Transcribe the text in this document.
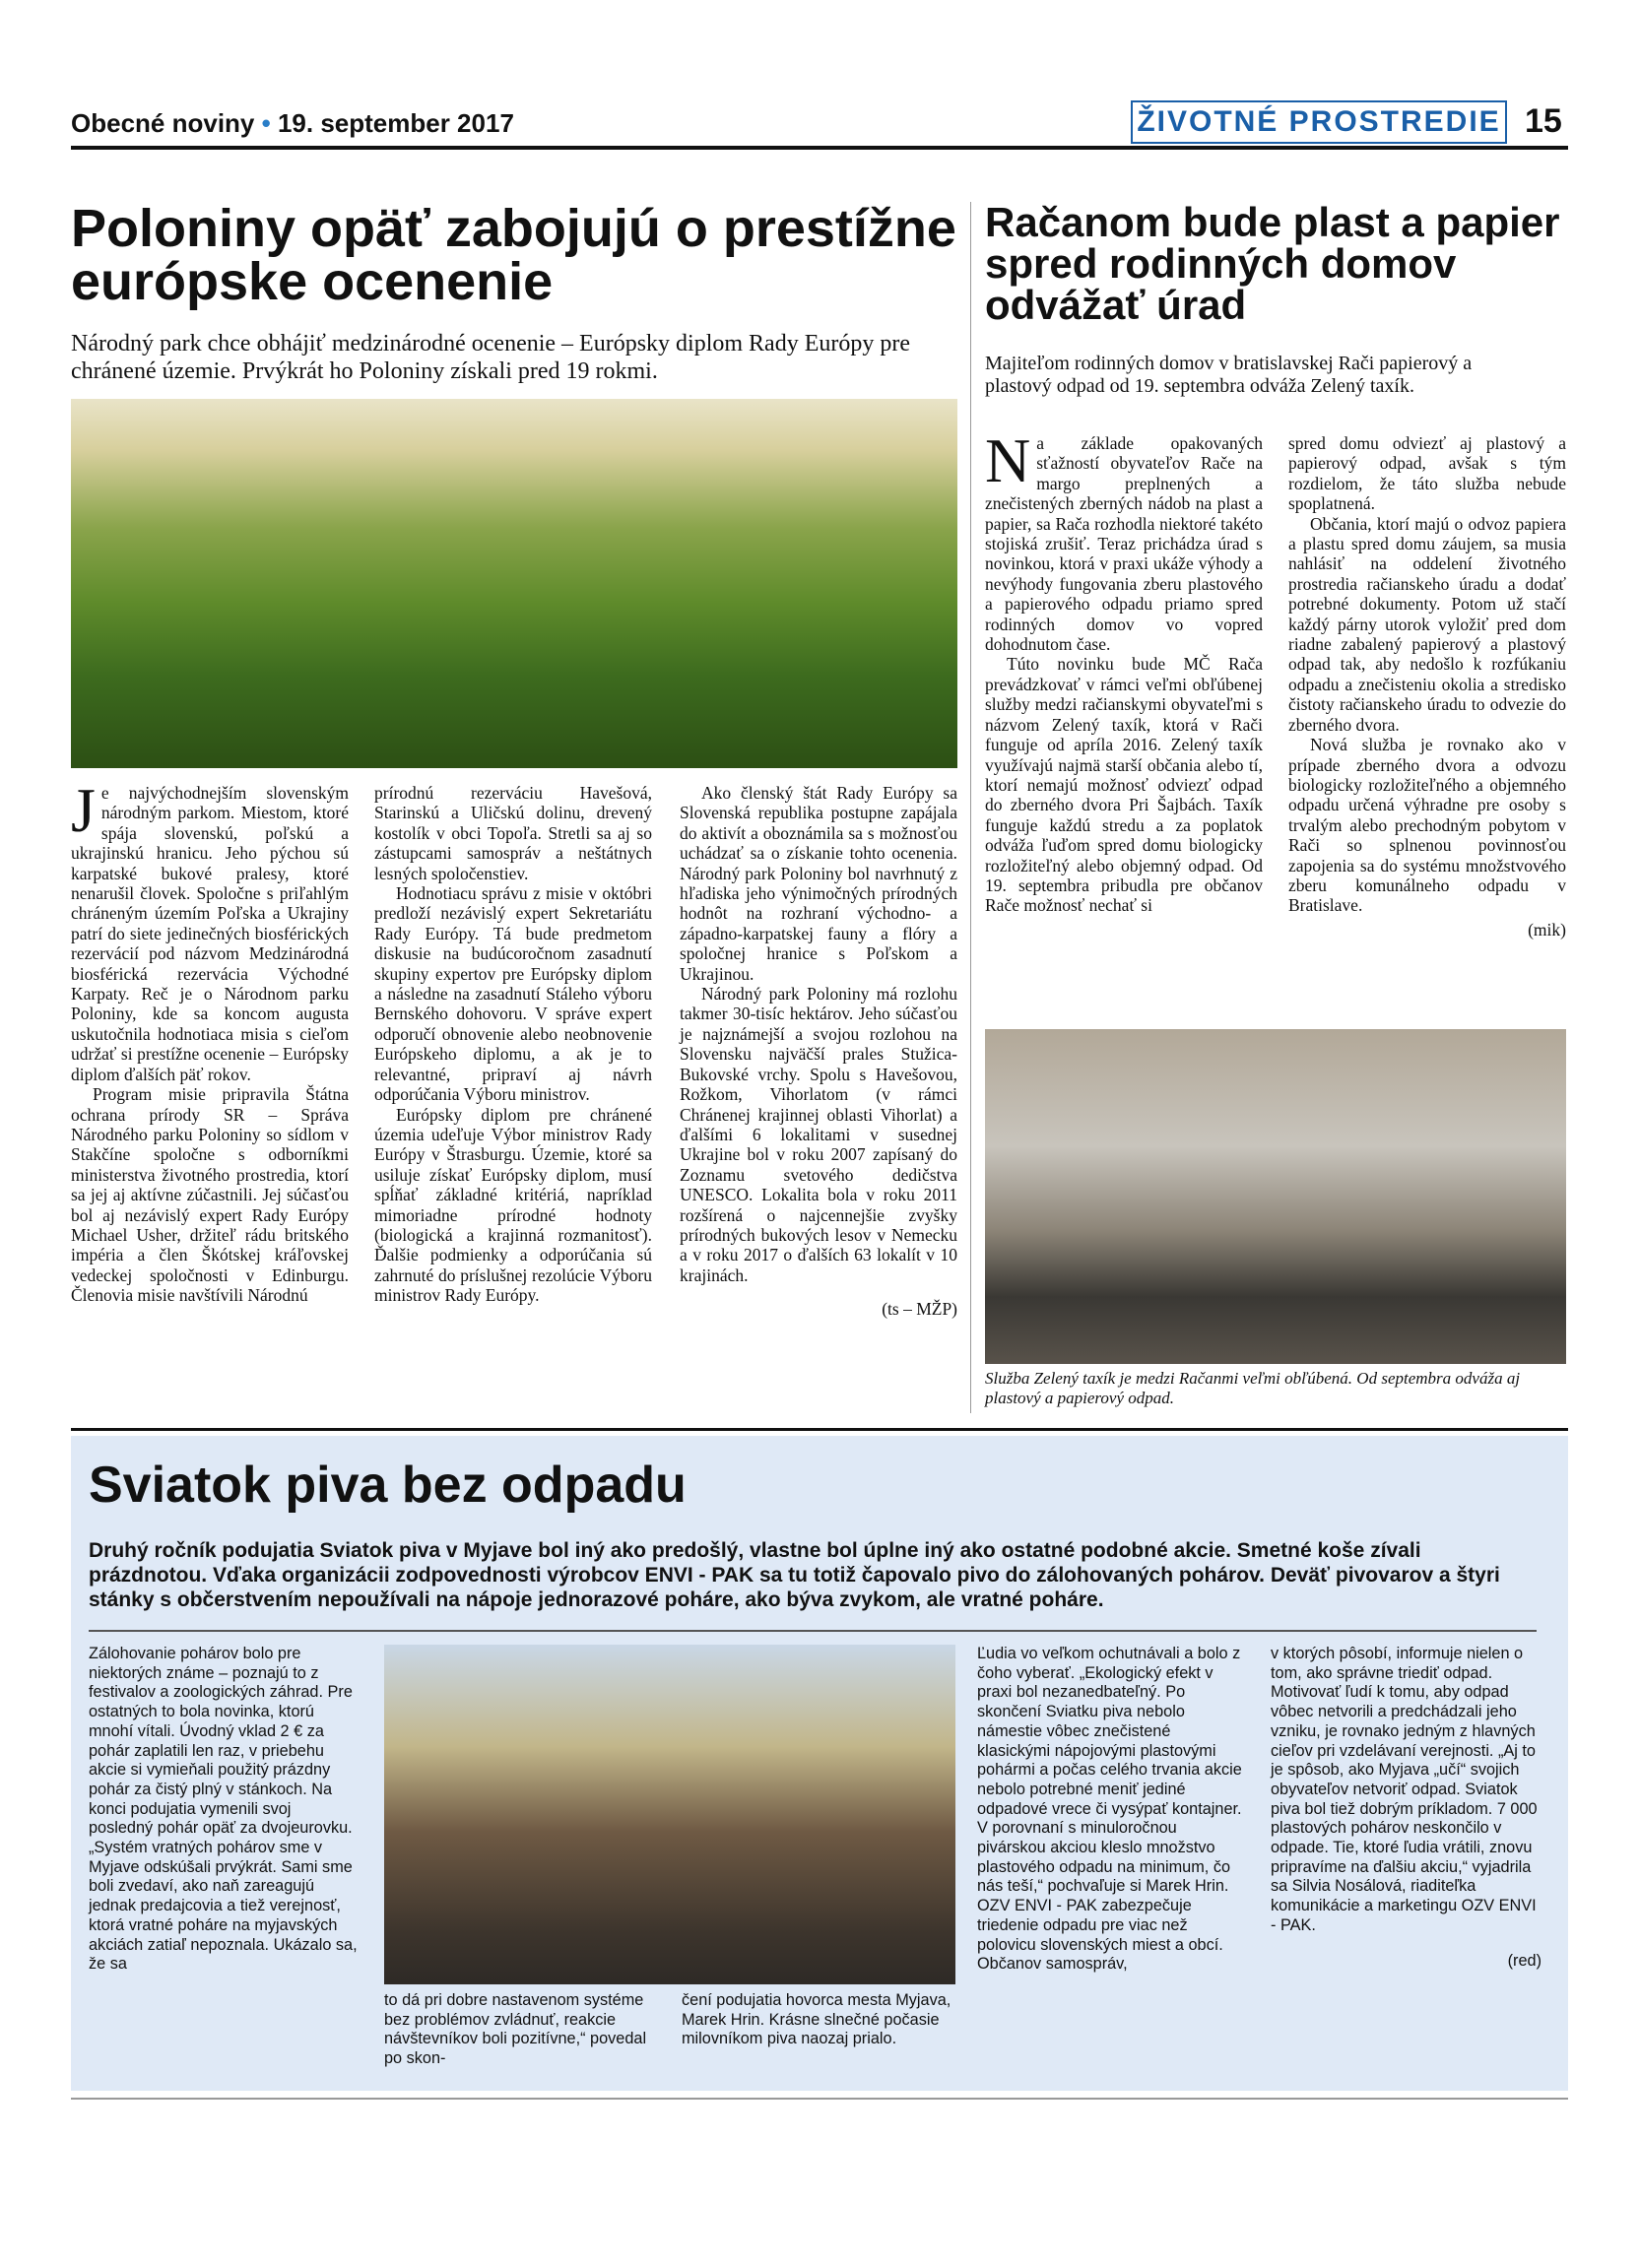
Obecné noviny • 19. september 2017	ŽIVOTNÉ PROSTREDIE 15
Poloniny opäť zabojujú o prestížne európske ocenenie
Národný park chce obhájiť medzinárodné ocenenie – Európsky diplom Rady Európy pre chránené územie. Prvýkrát ho Poloniny získali pred 19 rokmi.

Je najvýchodnejším slovenským národným parkom. Miestom, ktoré spája slovenskú, poľskú a ukrajinskú hranicu. Jeho pýchou sú karpatské bukové pralesy, ktoré nenarušil človek. Spoločne s priľahlým chráneným územím Poľska a Ukrajiny patrí do siete jedinečných biosférických rezervácií pod názvom Medzinárodná biosférická rezervácia Východné Karpaty. Reč je o Národnom parku Poloniny, kde sa koncom augusta uskutočnila hodnotiaca misia s cieľom udržať si prestížne ocenenie – Európsky diplom ďalších päť rokov.

Program misie pripravila Štátna ochrana prírody SR – Správa Národného parku Poloniny so sídlom v Stakčíne spoločne s odborníkmi ministerstva životného prostredia, ktorí sa jej aj aktívne zúčastnili. Jej súčasťou bol aj nezávislý expert Rady Európy Michael Usher, držiteľ rádu britského impéria a člen Škótskej kráľovskej vedeckej spoločnosti v Edinburgu. Členovia misie navštívili Národnú

prírodnú rezerváciu Havešová, Starinskú a Uličskú dolinu, drevený kostolík v obci Topoľa. Stretli sa aj so zástupcami samospráv a neštátnych lesných spoločenstiev.

Hodnotiacu správu z misie v októbri predloží nezávislý expert Sekretariátu Rady Európy. Tá bude predmetom diskusie na budúcoročnom zasadnutí skupiny expertov pre Európsky diplom a následne na zasadnutí Stáleho výboru Bernského dohovoru. V správe expert odporučí obnovenie alebo neobnovenie Európskeho diplomu, a ak je to relevantné, pripraví aj návrh odporúčania Výboru ministrov.

Európsky diplom pre chránené územia udeľuje Výbor ministrov Rady Európy v Štrasburgu. Územie, ktoré sa usiluje získať Európsky diplom, musí spĺňať základné kritériá, napríklad mimoriadne prírodné hodnoty (biologická a krajinná rozmanitosť). Ďalšie podmienky a odporúčania sú zahrnuté do príslušnej rezolúcie Výboru ministrov Rady Európy.

Ako členský štát Rady Európy sa Slovenská republika postupne zapájala do aktivít a oboznámila sa s možnosťou uchádzať sa o získanie tohto ocenenia. Národný park Poloniny bol navrhnutý z hľadiska jeho výnimočných prírodných hodnôt na rozhraní východno- a západno-karpatskej fauny a flóry a spoločnej hranice s Poľskom a Ukrajinou.

Národný park Poloniny má rozlohu takmer 30-tisíc hektárov. Jeho súčasťou je najznámejší a svojou rozlohou na Slovensku najväčší prales Stužica-Bukovské vrchy. Spolu s Havešovou, Rožkom, Vihorlatom (v rámci Chránenej krajinnej oblasti Vihorlat) a ďalšími 6 lokalitami v susednej Ukrajine bol v roku 2007 zapísaný do Zoznamu svetového dedičstva UNESCO. Lokalita bola v roku 2011 rozšírená o najcennejšie zvyšky prírodných bukových lesov v Nemecku a v roku 2017 o ďalších 63 lokalít v 10 krajinách.

(ts – MŽP)
Račanom bude plast a papier spred rodinných domov odvážať úrad
Majiteľom rodinných domov v bratislavskej Rači papierový a plastový odpad od 19. septembra odváža Zelený taxík.

Na základe opakovaných sťažností obyvateľov Rače na margo preplnených a znečistených zberných nádob na plast a papier, sa Rača rozhodla niektoré takéto stojiská zrušiť. Teraz prichádza úrad s novinkou, ktorá v praxi ukáže výhody a nevýhody fungovania zberu plastového a papierového odpadu priamo spred rodinných domov vo vopred dohodnutom čase.

Túto novinku bude MČ Rača prevádzkovať v rámci veľmi obľúbenej služby medzi račianskymi obyvateľmi s názvom Zelený taxík, ktorá v Rači funguje od apríla 2016. Zelený taxík využívajú najmä starší občania alebo tí, ktorí nemajú možnosť odviezť odpad do zberného dvora Pri Šajbách. Taxík funguje každú stredu a za poplatok odváža ľuďom spred domu biologicky rozložiteľný alebo objemný odpad. Od 19. septembra pribudla pre občanov Rače možnosť nechať si

spred domu odviezť aj plastový a papierový odpad, avšak s tým rozdielom, že táto služba nebude spoplatnená.

Občania, ktorí majú o odvoz papiera a plastu spred domu záujem, sa musia nahlásiť na oddelení životného prostredia račianskeho úradu a dodať potrebné dokumenty. Potom už stačí každý párny utorok vyložiť pred dom riadne zabalený papierový a plastový odpad tak, aby nedošlo k rozfúkaniu odpadu a znečisteniu okolia a stredisko čistoty račianskeho úradu to odvezie do zberného dvora.

Nová služba je rovnako ako v prípade zberného dvora a odvozu biologicky rozložiteľného a objemného odpadu určená výhradne pre osoby s trvalým alebo prechodným pobytom v Rači so splnenou povinnosťou zapojenia sa do systému množstvového zberu komunálneho odpadu v Bratislave.

(mik)
Služba Zelený taxík je medzi Račanmi veľmi obľúbená. Od septembra odváža aj plastový a papierový odpad.
Sviatok piva bez odpadu
Druhý ročník podujatia Sviatok piva v Myjave bol iný ako predošlý, vlastne bol úplne iný ako ostatné podobné akcie. Smetné koše zívali prázdnotou. Vďaka organizácii zodpovednosti výrobcov ENVI - PAK sa tu totiž čapovalo pivo do zálohovaných pohárov. Deväť pivovarov a štyri stánky s občerstvením nepoužívali na nápoje jednorazové poháre, ako býva zvykom, ale vratné poháre.

Zálohovanie pohárov bolo pre niektorých známe – poznajú to z festivalov a zoologických záhrad. Pre ostatných to bola novinka, ktorú mnohí vítali. Úvodný vklad 2 € za pohár zaplatili len raz, v priebehu akcie si vymieňali použitý prázdny pohár za čistý plný v stánkoch. Na konci podujatia vymenili svoj posledný pohár opäť za dvojeurovku. „Systém vratných pohárov sme v Myjave odskúšali prvýkrát. Sami sme boli zvedaví, ako naň zareagujú jednak predajcovia a tiež verejnosť, ktorá vratné poháre na myjavských akciách zatiaľ nepoznala. Ukázalo sa, že sa

to dá pri dobre nastavenom systéme bez problémov zvládnuť, reakcie návštevníkov boli pozitívne,“ povedal po skon-

čení podujatia hovorca mesta Myjava, Marek Hrin. Krásne slnečné počasie milovníkom piva naozaj prialo.

Ľudia vo veľkom ochutnávali a bolo z čoho vyberať. „Ekologický efekt v praxi bol nezanedbateľný. Po skončení Sviatku piva nebolo námestie vôbec znečistené klasickými nápojovými plastovými pohármi a počas celého trvania akcie nebolo potrebné meniť jediné odpadové vrece či vysýpať kontajner. V porovnaní s minuloročnou pivárskou akciou kleslo množstvo plastového odpadu na minimum, čo nás teší,“ pochvaľuje si Marek Hrin. OZV ENVI - PAK zabezpečuje triedenie odpadu pre viac než polovicu slovenských miest a obcí. Občanov samospráv,

v ktorých pôsobí, informuje nielen o tom, ako správne triediť odpad. Motivovať ľudí k tomu, aby odpad vôbec netvorili a predchádzali jeho vzniku, je rovnako jedným z hlavných cieľov pri vzdelávaní verejnosti. „Aj to je spôsob, ako Myjava „učí“ svojich obyvateľov netvoriť odpad. Sviatok piva bol tiež dobrým príkladom. 7 000 plastových pohárov neskončilo v odpade. Tie, ktoré ľudia vrátili, znovu pripravíme na ďalšiu akciu,“ vyjadrila sa Silvia Nosálová, riaditeľka komunikácie a marketingu OZV ENVI - PAK.

(red)
